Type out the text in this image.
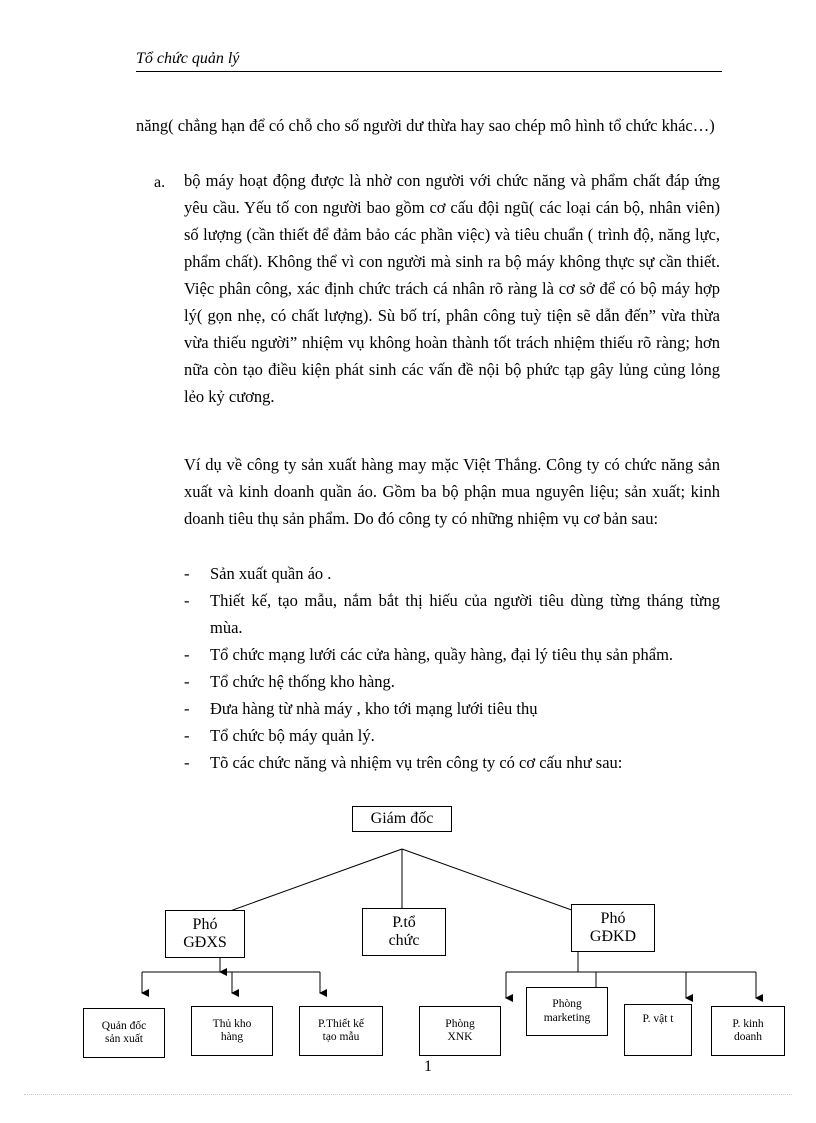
Tổ chức quản lý
năng( chẳng hạn để có chỗ cho số người dư thừa hay sao chép mô hình tổ chức khác…)
a. bộ máy hoạt động được là nhờ con người với chức năng và phẩm chất đáp ứng yêu cầu. Yếu tố con người bao gồm cơ cấu đội ngũ( các loại cán bộ, nhân viên) số lượng (cần thiết để đảm bảo các phần việc) và tiêu chuẩn ( trình độ, năng lực, phẩm chất). Không thể vì con người mà sinh ra bộ máy không thực sự cần thiết. Việc phân công, xác định chức trách cá nhân rõ ràng là cơ sở để có bộ máy hợp lý( gọn nhẹ, có chất lượng). Sù bố trí, phân công tuỳ tiện sẽ dẫn đến” vừa thừa vừa thiếu người” nhiệm vụ không hoàn thành tốt trách nhiệm thiếu rõ ràng; hơn nữa còn tạo điều kiện phát sinh các vấn đề nội bộ phức tạp gây lủng củng lỏng lẻo kỷ cương.
Ví dụ về công ty sản xuất hàng may mặc Việt Thắng. Công ty có chức năng sản xuất và kinh doanh quần áo. Gồm ba bộ phận mua nguyên liệu; sản xuất; kinh doanh tiêu thụ sản phẩm. Do đó công ty có những nhiệm vụ cơ bản sau:
- Sản xuất quần áo .
- Thiết kế, tạo mẫu, nắm bắt thị hiếu của người tiêu dùng từng tháng từng mùa.
- Tổ chức mạng lưới các cửa hàng, quầy hàng, đại lý tiêu thụ sản phẩm.
- Tổ chức hệ thống kho hàng.
- Đưa hàng từ nhà máy , kho tới mạng lưới tiêu thụ
- Tổ chức bộ máy quản lý.
- Tõ các chức năng và nhiệm vụ trên công ty có cơ cấu như sau:
Giám đốc
Phó
GĐXS
P.tổ
chức
Phó
GĐKD
Quản đốc
sản xuất
Thủ kho
hàng
P.Thiết kế
tạo mẫu
Phòng
XNK
Phòng
marketing	P. vật t	P. kinh
doanh
1
